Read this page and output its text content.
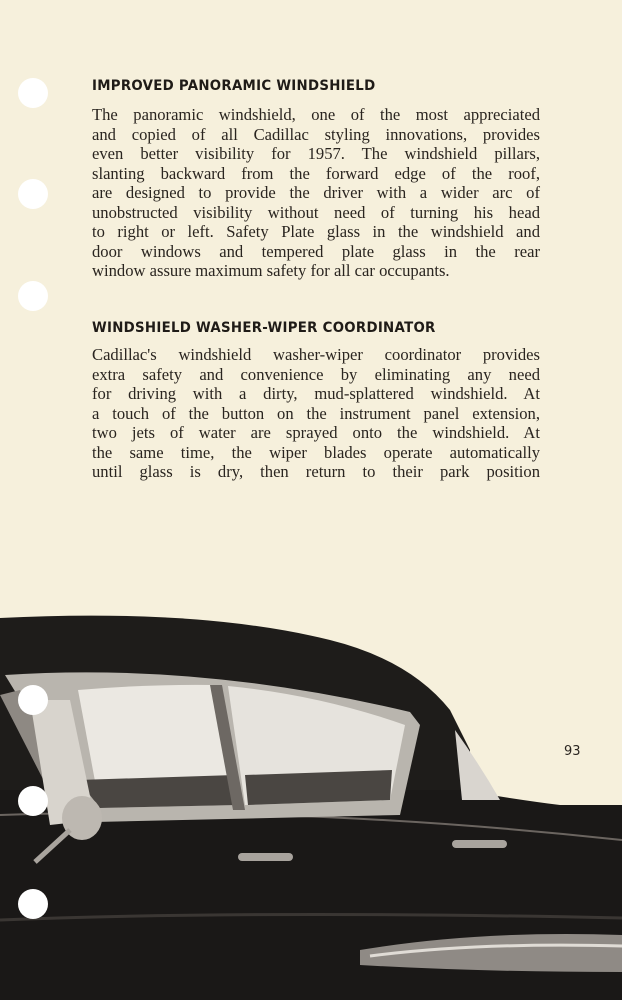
IMPROVED PANORAMIC WINDSHIELD
The panoramic windshield, one of the most appreciated
and copied of all Cadillac styling innovations, provides
even better visibility for 1957. The windshield pillars,
slanting backward from the forward edge of the roof,
are designed to provide the driver with a wider arc of
unobstructed visibility without need of turning his head
to right or left. Safety Plate glass in the windshield and
door windows and tempered plate glass in the rear
window assure maximum safety for all car occupants.
WINDSHIELD WASHER-WIPER COORDINATOR
Cadillac's windshield washer-wiper coordinator provides
extra safety and convenience by eliminating any need
for driving with a dirty, mud-splattered windshield. At
a touch of the button on the instrument panel extension,
two jets of water are sprayed onto the windshield. At
the same time, the wiper blades operate automatically
until glass is dry, then return to their park position
93
